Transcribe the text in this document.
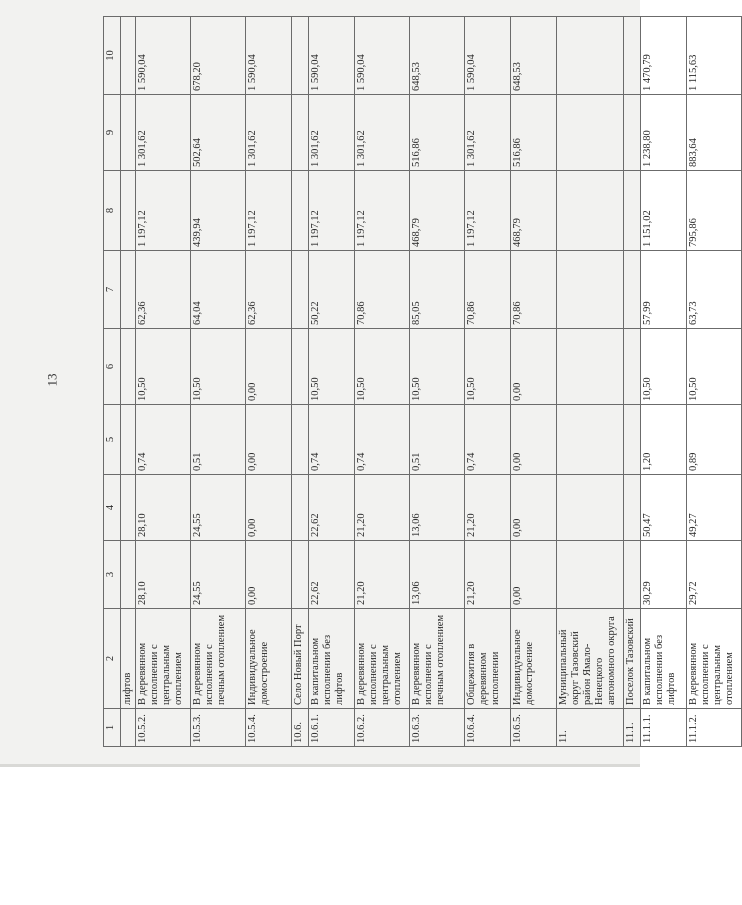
13
1	2	3	4	5	6	7	8	9	10
	лифтов								
10.5.2.	В деревянном исполнении с центральным отоплением	28,10	28,10	0,74	10,50	62,36	1 197,12	1 301,62	1 590,04
10.5.3.	В деревянном исполнении с печным отоплением	24,55	24,55	0,51	10,50	64,04	439,94	502,64	678,20
10.5.4.	Индивидуальное домостроение	0,00	0,00	0,00	0,00	62,36	1 197,12	1 301,62	1 590,04
10.6.	Село Новый Порт								
10.6.1.	В капитальном исполнении без лифтов	22,62	22,62	0,74	10,50	50,22	1 197,12	1 301,62	1 590,04
10.6.2.	В деревянном исполнении с центральным отоплением	21,20	21,20	0,74	10,50	70,86	1 197,12	1 301,62	1 590,04
10.6.3.	В деревянном исполнении с печным отоплением	13,06	13,06	0,51	10,50	85,05	468,79	516,86	648,53
10.6.4.	Общежития в деревянном исполнении	21,20	21,20	0,74	10,50	70,86	1 197,12	1 301,62	1 590,04
10.6.5.	Индивидуальное домостроение	0,00	0,00	0,00	0,00	70,86	468,79	516,86	648,53
11.	Муниципальный округ Тазовский район Ямало-Ненецкого автономного округа								
11.1.	Поселок Тазовский								
11.1.1.	В капитальном исполнении без лифтов	30,29	50,47	1,20	10,50	57,99	1 151,02	1 238,80	1 470,79
11.1.2.	В деревянном исполнении с центральным отоплением	29,72	49,27	0,89	10,50	63,73	795,86	883,64	1 115,63
